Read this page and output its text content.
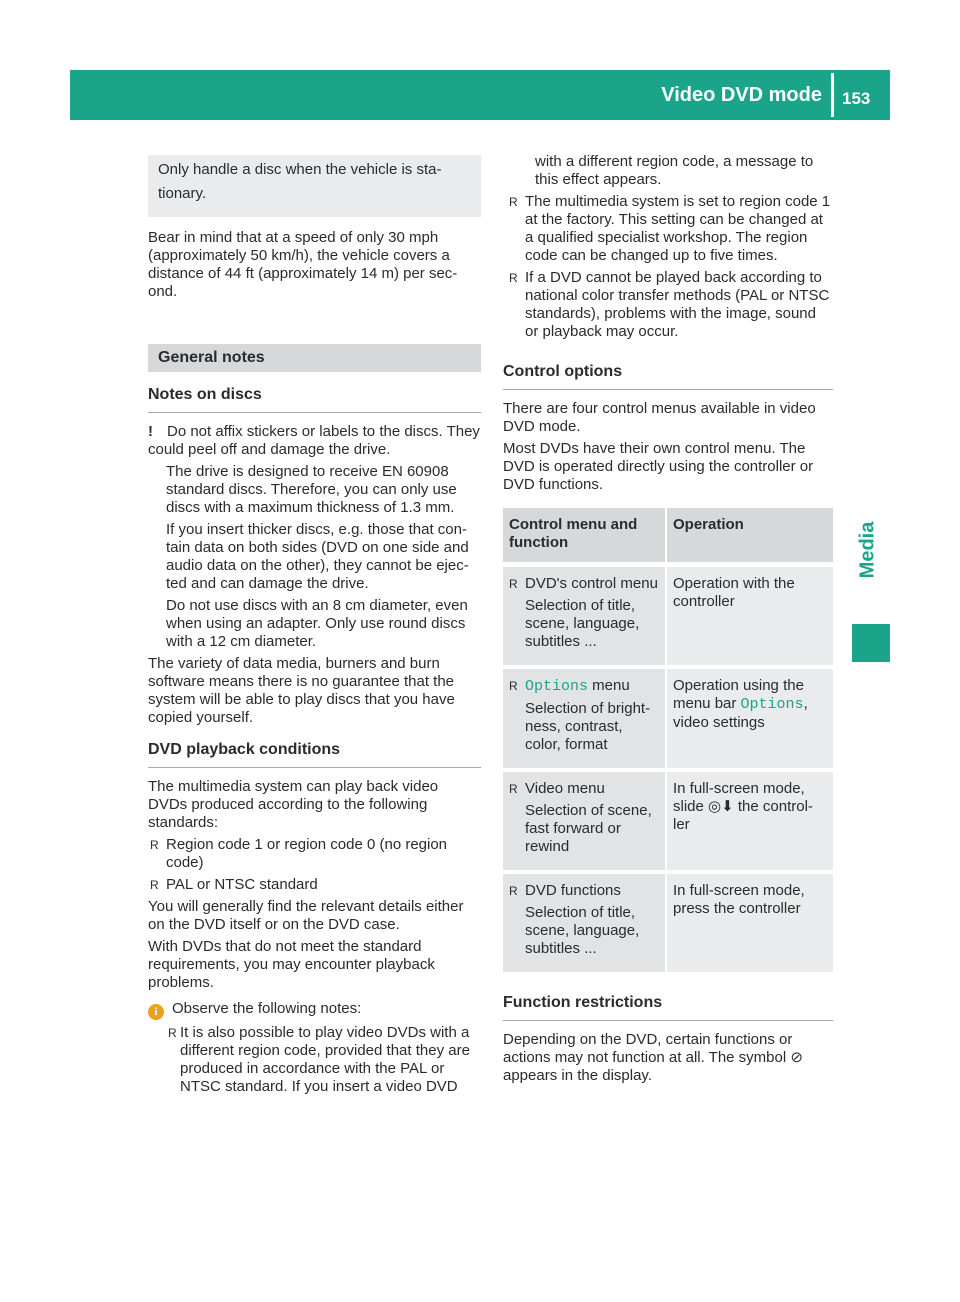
Video DVD mode 153
Media

Only handle a disc when the vehicle is sta-tionary.

Bear in mind that at a speed of only 30 mph (approximately 50 km/h), the vehicle covers a distance of 44 ft (approximately 14 m) per sec-ond.

General notes
Notes on discs

! Do not affix stickers or labels to the discs. They could peel off and damage the drive.

The drive is designed to receive EN 60908 standard discs. Therefore, you can only use discs with a maximum thickness of 1.3 mm.

If you insert thicker discs, e.g. those that con-tain data on both sides (DVD on one side and audio data on the other), they cannot be ejec-ted and can damage the drive.

Do not use discs with an 8 cm diameter, even when using an adapter. Only use round discs with a 12 cm diameter.

The variety of data media, burners and burn software means there is no guarantee that the system will be able to play discs that you have copied yourself.

DVD playback conditions

The multimedia system can play back video DVDs produced according to the following standards:

R Region code 1 or region code 0 (no region code)
R PAL or NTSC standard

You will generally find the relevant details either on the DVD itself or on the DVD case.

With DVDs that do not meet the standard requirements, you may encounter playback problems.

i Observe the following notes:

R It is also possible to play video DVDs with a different region code, provided that they are produced in accordance with the PAL or NTSC standard. If you insert a video DVD

with a different region code, a message to this effect appears.

R The multimedia system is set to region code 1 at the factory. This setting can be changed at a qualified specialist workshop. The region code can be changed up to five times.
R If a DVD cannot be played back according to national color transfer methods (PAL or NTSC standards), problems with the image, sound or playback may occur.
Control options

There are four control menus available in video DVD mode.

Most DVDs have their own control menu. The DVD is operated directly using the controller or DVD functions.

Control menu and function	Operation

R DVD's control menu
Selection of title, scene, language, subtitles ...	Operation with the controller

R Options menu
Selection of bright-ness, contrast, color, format	Operation using the menu bar Options, video settings

R Video menu
Selection of scene, fast forward or rewind	In full-screen mode, slide ◎⬇ the control-ler

R DVD functions
Selection of title, scene, language, subtitles ...	In full-screen mode, press the controller
Function restrictions

Depending on the DVD, certain functions or actions may not function at all. The symbol ⊘ appears in the display.
